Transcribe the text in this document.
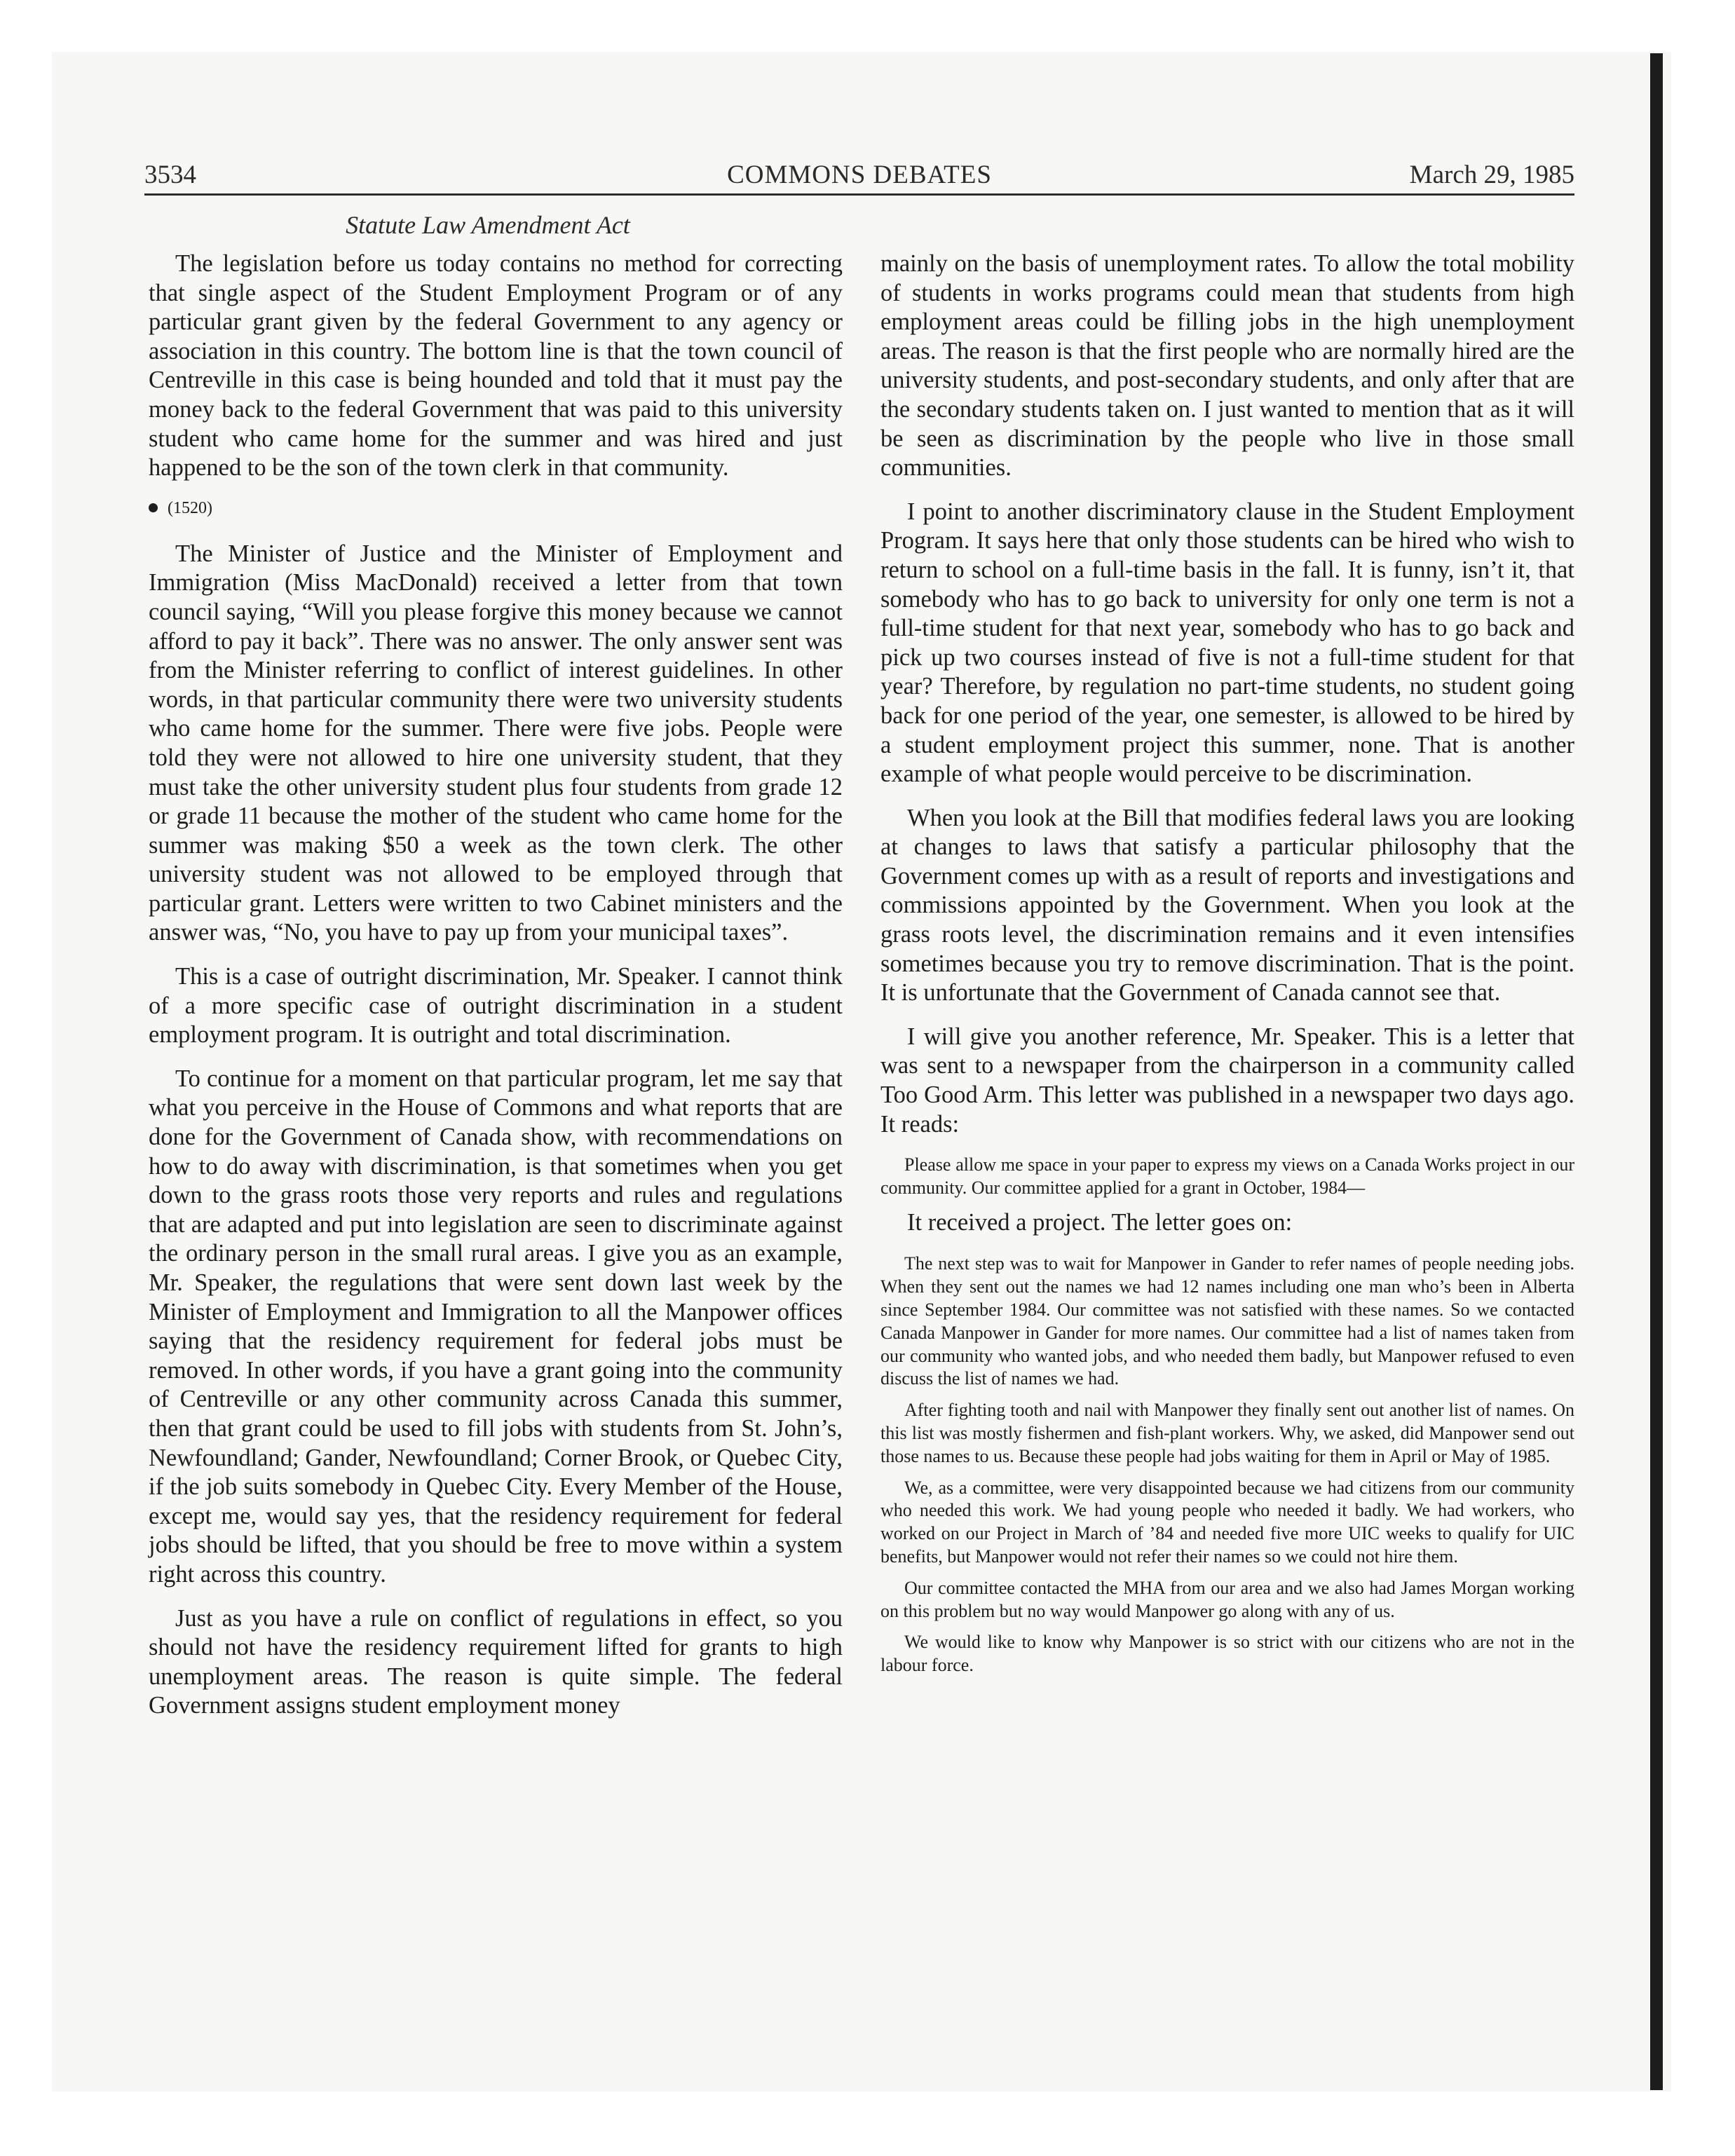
3534	COMMONS DEBATES	March 29, 1985
Statute Law Amendment Act

The legislation before us today contains no method for correcting that single aspect of the Student Employment Program or of any particular grant given by the federal Government to any agency or association in this country. The bottom line is that the town council of Centreville in this case is being hounded and told that it must pay the money back to the federal Government that was paid to this university student who came home for the summer and was hired and just happened to be the son of the town clerk in that community.

(1520)

The Minister of Justice and the Minister of Employment and Immigration (Miss MacDonald) received a letter from that town council saying, “Will you please forgive this money because we cannot afford to pay it back”. There was no answer. The only answer sent was from the Minister referring to conflict of interest guidelines. In other words, in that particular community there were two university students who came home for the summer. There were five jobs. People were told they were not allowed to hire one university student, that they must take the other university student plus four students from grade 12 or grade 11 because the mother of the student who came home for the summer was making $50 a week as the town clerk. The other university student was not allowed to be employed through that particular grant. Letters were written to two Cabinet ministers and the answer was, “No, you have to pay up from your municipal taxes”.

This is a case of outright discrimination, Mr. Speaker. I cannot think of a more specific case of outright discrimination in a student employment program. It is outright and total discrimination.

To continue for a moment on that particular program, let me say that what you perceive in the House of Commons and what reports that are done for the Government of Canada show, with recommendations on how to do away with discrimination, is that sometimes when you get down to the grass roots those very reports and rules and regulations that are adapted and put into legislation are seen to discriminate against the ordinary person in the small rural areas. I give you as an example, Mr. Speaker, the regulations that were sent down last week by the Minister of Employment and Immigration to all the Manpower offices saying that the residency requirement for federal jobs must be removed. In other words, if you have a grant going into the community of Centreville or any other community across Canada this summer, then that grant could be used to fill jobs with students from St. John’s, Newfoundland; Gander, Newfoundland; Corner Brook, or Quebec City, if the job suits somebody in Quebec City. Every Member of the House, except me, would say yes, that the residency requirement for federal jobs should be lifted, that you should be free to move within a system right across this country.

Just as you have a rule on conflict of regulations in effect, so you should not have the residency requirement lifted for grants to high unemployment areas. The reason is quite simple. The federal Government assigns student employment money

mainly on the basis of unemployment rates. To allow the total mobility of students in works programs could mean that students from high employment areas could be filling jobs in the high unemployment areas. The reason is that the first people who are normally hired are the university students, and post-secondary students, and only after that are the secondary students taken on. I just wanted to mention that as it will be seen as discrimination by the people who live in those small communities.

I point to another discriminatory clause in the Student Employment Program. It says here that only those students can be hired who wish to return to school on a full-time basis in the fall. It is funny, isn’t it, that somebody who has to go back to university for only one term is not a full-time student for that next year, somebody who has to go back and pick up two courses instead of five is not a full-time student for that year? Therefore, by regulation no part-time students, no student going back for one period of the year, one semester, is allowed to be hired by a student employment project this summer, none. That is another example of what people would perceive to be discrimination.

When you look at the Bill that modifies federal laws you are looking at changes to laws that satisfy a particular philosophy that the Government comes up with as a result of reports and investigations and commissions appointed by the Government. When you look at the grass roots level, the discrimination remains and it even intensifies sometimes because you try to remove discrimination. That is the point. It is unfortunate that the Government of Canada cannot see that.

I will give you another reference, Mr. Speaker. This is a letter that was sent to a newspaper from the chairperson in a community called Too Good Arm. This letter was published in a newspaper two days ago. It reads:

Please allow me space in your paper to express my views on a Canada Works project in our community. Our committee applied for a grant in October, 1984—

It received a project. The letter goes on:

The next step was to wait for Manpower in Gander to refer names of people needing jobs. When they sent out the names we had 12 names including one man who’s been in Alberta since September 1984. Our committee was not satisfied with these names. So we contacted Canada Manpower in Gander for more names. Our committee had a list of names taken from our community who wanted jobs, and who needed them badly, but Manpower refused to even discuss the list of names we had.

After fighting tooth and nail with Manpower they finally sent out another list of names. On this list was mostly fishermen and fish-plant workers. Why, we asked, did Manpower send out those names to us. Because these people had jobs waiting for them in April or May of 1985.

We, as a committee, were very disappointed because we had citizens from our community who needed this work. We had young people who needed it badly. We had workers, who worked on our Project in March of ’84 and needed five more UIC weeks to qualify for UIC benefits, but Manpower would not refer their names so we could not hire them.

Our committee contacted the MHA from our area and we also had James Morgan working on this problem but no way would Manpower go along with any of us.

We would like to know why Manpower is so strict with our citizens who are not in the labour force.
